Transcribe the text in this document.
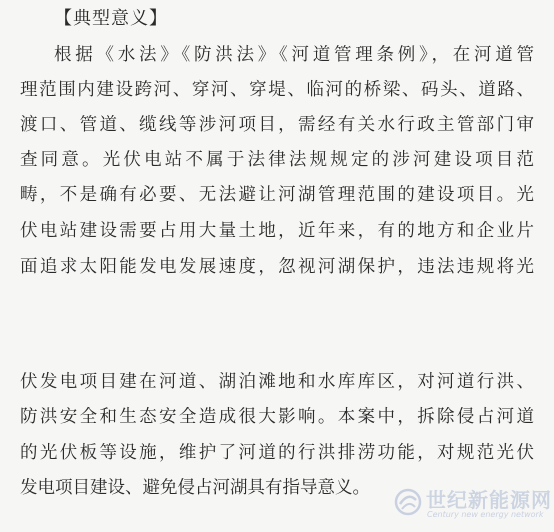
【典型意义】
根据《水法》《防洪法》《河道管理条例》，在河道管
理范围内建设跨河、穿河、穿堤、临河的桥梁、码头、道路、
渡口、管道、缆线等涉河项目，需经有关水行政主管部门审
查同意。光伏电站不属于法律法规规定的涉河建设项目范
畴，不是确有必要、无法避让河湖管理范围的建设项目。光
伏电站建设需要占用大量土地，近年来，有的地方和企业片
面追求太阳能发电发展速度，忽视河湖保护，违法违规将光
伏发电项目建在河道、湖泊滩地和水库库区，对河道行洪、
防洪安全和生态安全造成很大影响。本案中，拆除侵占河道
的光伏板等设施，维护了河道的行洪排涝功能，对规范光伏
发电项目建设、避免侵占河湖具有指导意义。	世纪新能源网
Century new energy network
